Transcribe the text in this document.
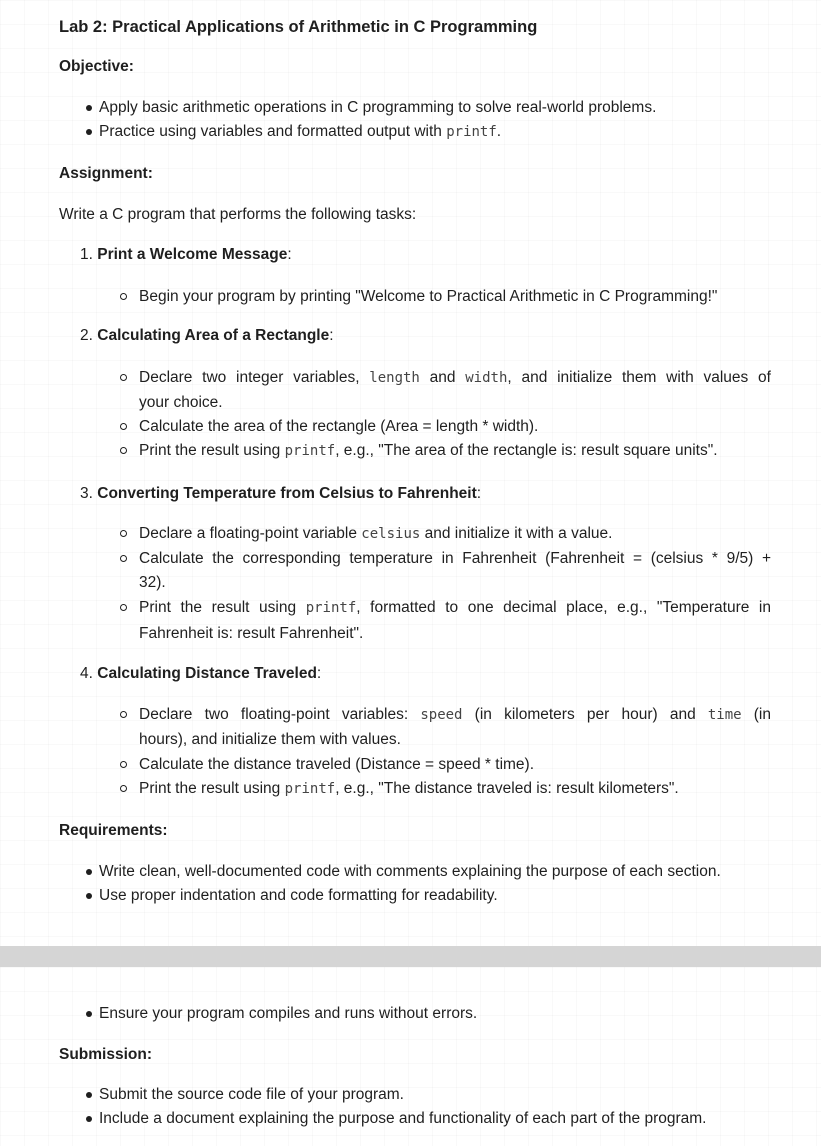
Lab 2: Practical Applications of Arithmetic in C Programming
Objective:
Apply basic arithmetic operations in C programming to solve real-world problems.
Practice using variables and formatted output with printf.
Assignment:
Write a C program that performs the following tasks:
1. Print a Welcome Message:
Begin your program by printing "Welcome to Practical Arithmetic in C Programming!"
2. Calculating Area of a Rectangle:
Declare two integer variables, length and width, and initialize them with values of
your choice.
Calculate the area of the rectangle (Area = length * width).
Print the result using printf, e.g., "The area of the rectangle is: result square units".
3. Converting Temperature from Celsius to Fahrenheit:
Declare a floating-point variable celsius and initialize it with a value.
Calculate the corresponding temperature in Fahrenheit (Fahrenheit = (celsius * 9/5) +
32).
Print the result using printf, formatted to one decimal place, e.g., "Temperature in
Fahrenheit is: result Fahrenheit".
4. Calculating Distance Traveled:
Declare two floating-point variables: speed (in kilometers per hour) and time (in
hours), and initialize them with values.
Calculate the distance traveled (Distance = speed * time).
Print the result using printf, e.g., "The distance traveled is: result kilometers".
Requirements:
Write clean, well-documented code with comments explaining the purpose of each section.
Use proper indentation and code formatting for readability.
Ensure your program compiles and runs without errors.
Submission:
Submit the source code file of your program.
Include a document explaining the purpose and functionality of each part of the program.
